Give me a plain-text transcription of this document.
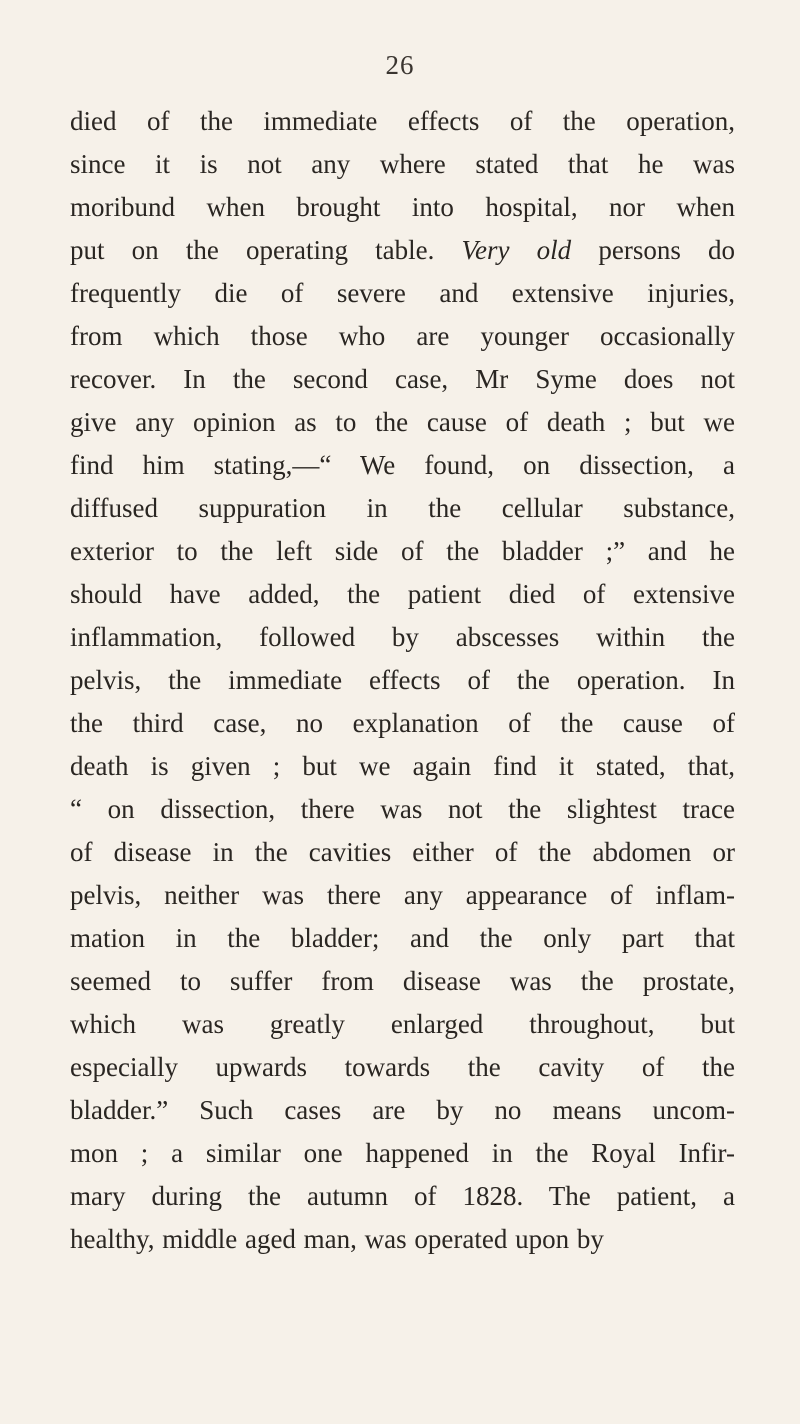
26
died of the immediate effects of the operation,
since it is not any where stated that he was
moribund when brought into hospital, nor when
put on the operating table. Very old persons do
frequently die of severe and extensive injuries,
from which those who are younger occasionally
recover. In the second case, Mr Syme does not
give any opinion as to the cause of death ; but we
find him stating,—“ We found, on dissection, a
diffused suppuration in the cellular substance,
exterior to the left side of the bladder ;” and he
should have added, the patient died of extensive
inflammation, followed by abscesses within the
pelvis, the immediate effects of the operation. In
the third case, no explanation of the cause of
death is given ; but we again find it stated, that,
“ on dissection, there was not the slightest trace
of disease in the cavities either of the abdomen or
pelvis, neither was there any appearance of inflam-
mation in the bladder; and the only part that
seemed to suffer from disease was the prostate,
which was greatly enlarged throughout, but
especially upwards towards the cavity of the
bladder.” Such cases are by no means uncom-
mon ; a similar one happened in the Royal Infir-
mary during the autumn of 1828. The patient, a
healthy, middle aged man, was operated upon by
